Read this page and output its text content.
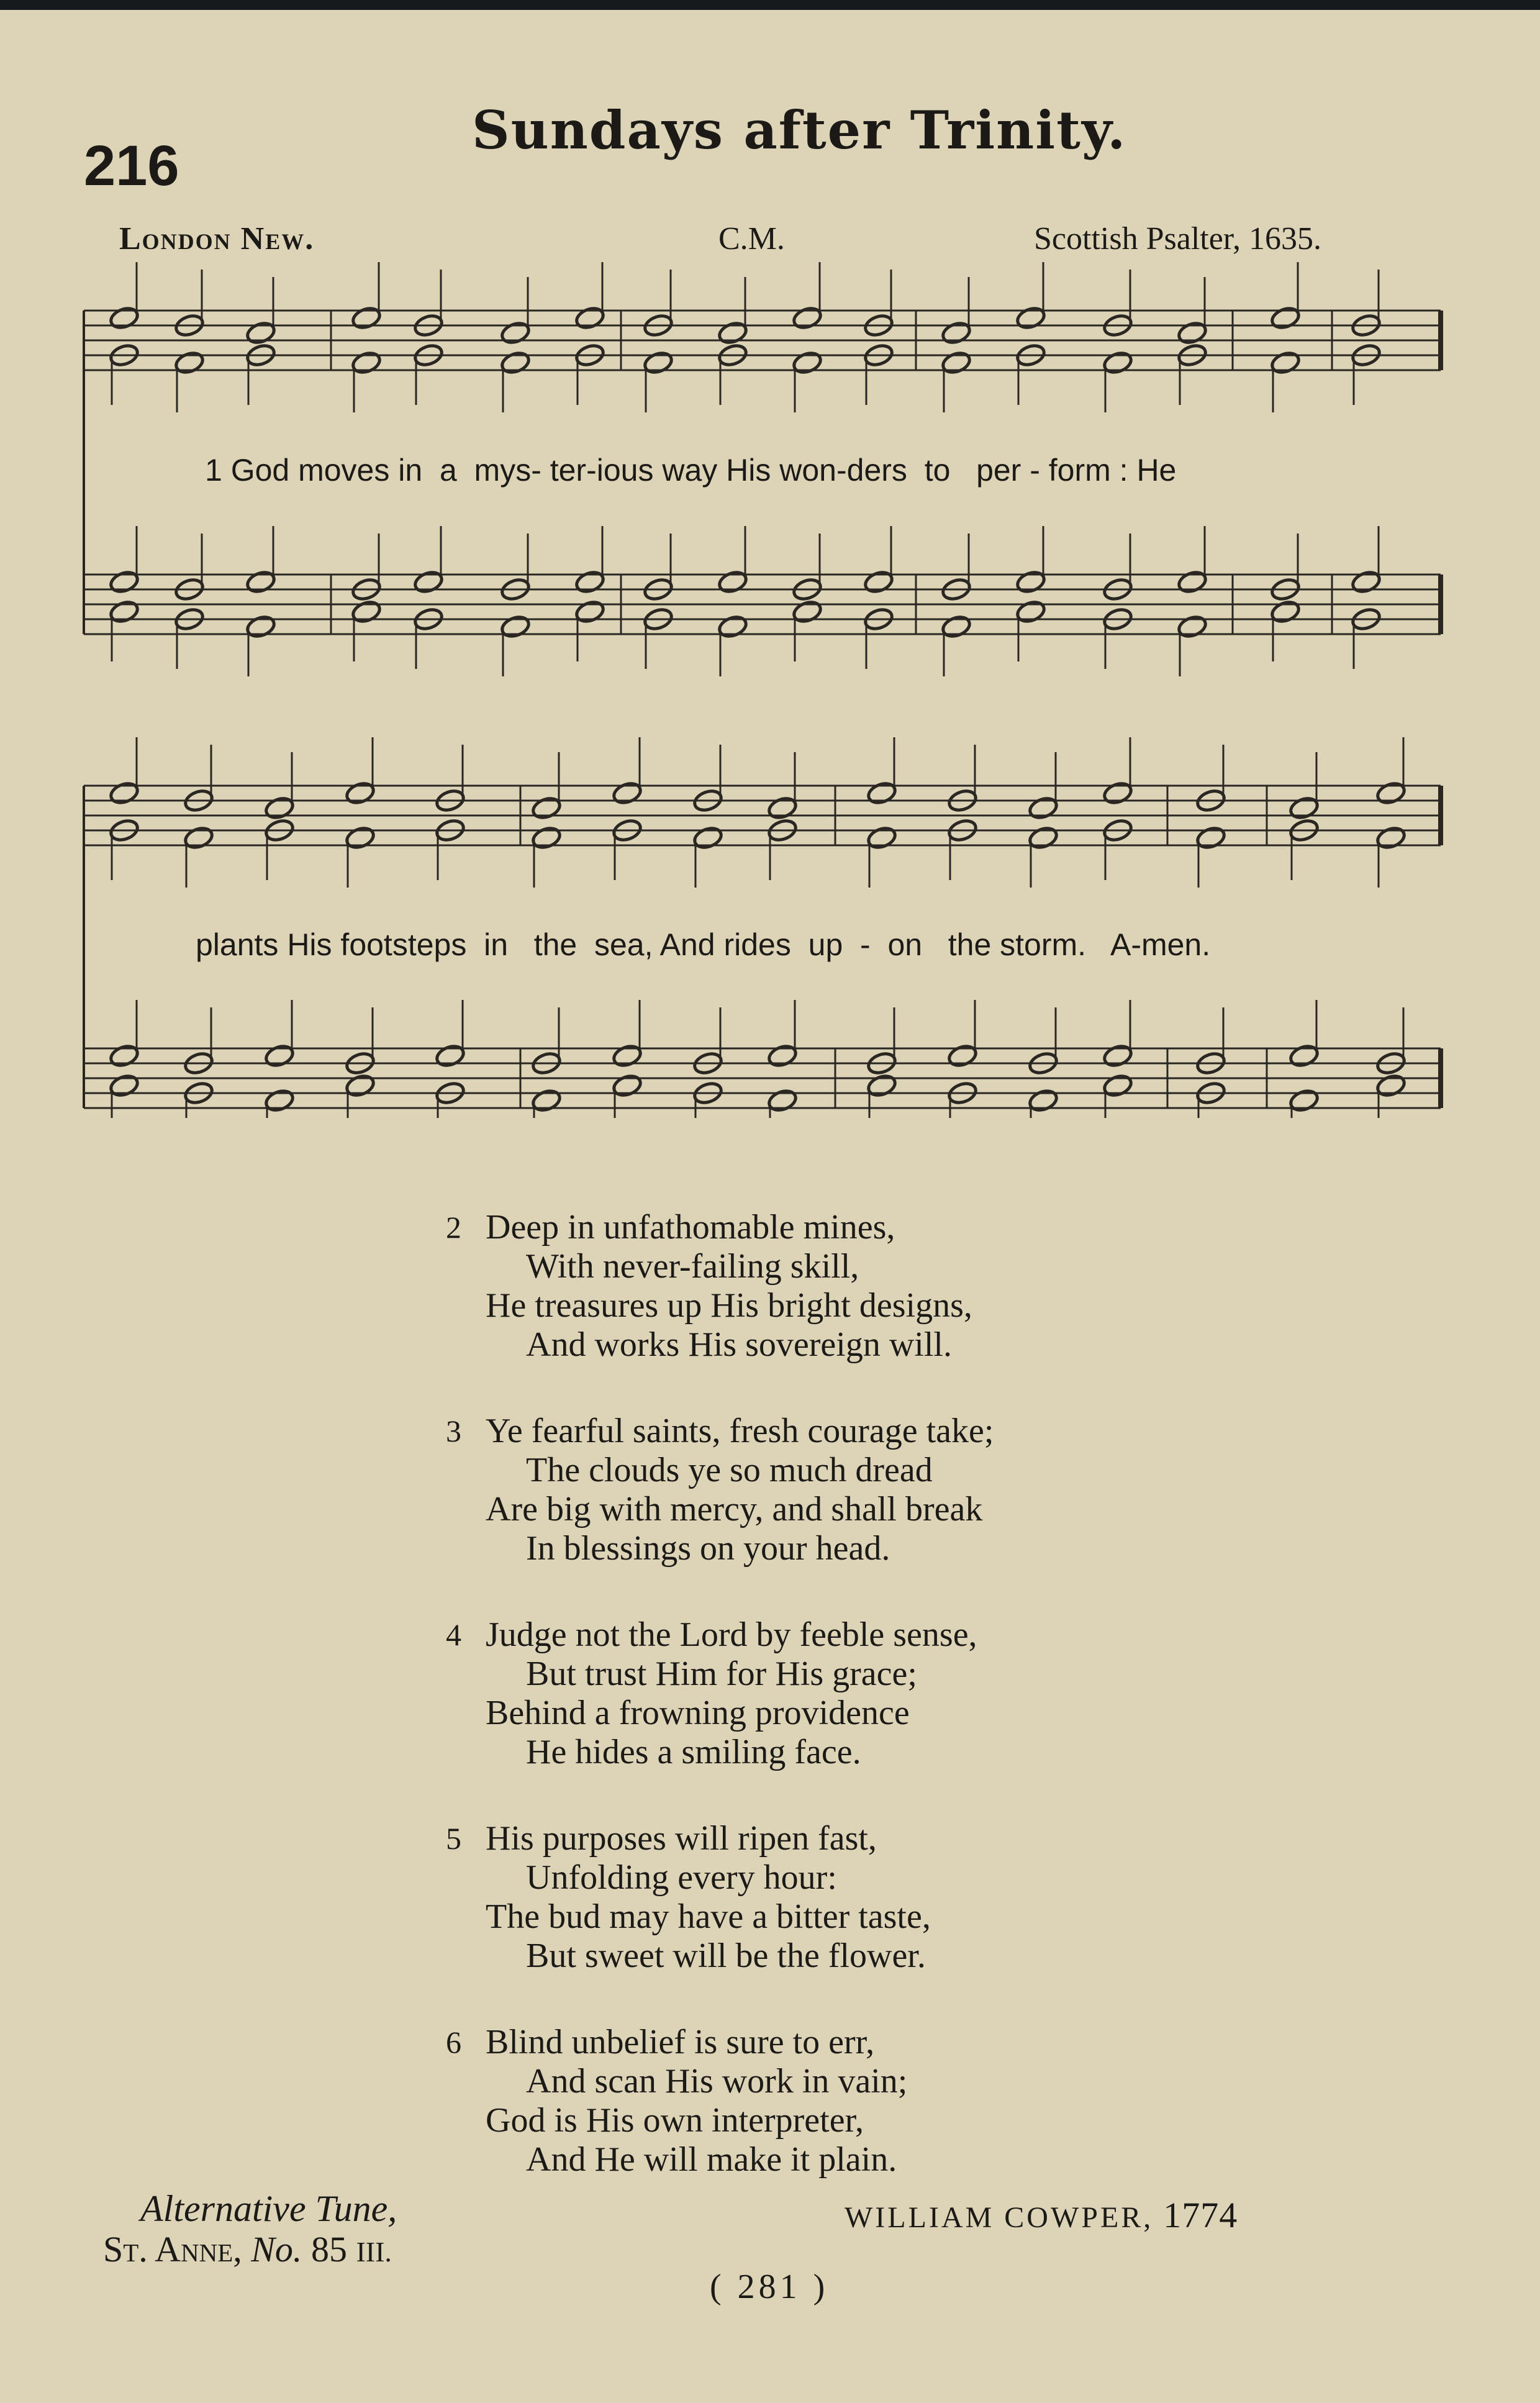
216
Sundays after Trinity.
London New.	C.M.	Scottish Psalter, 1635.
1 God moves in  a  mys- ter-ious way His won-ders  to   per - form : He
plants His footsteps  in   the  sea, And rides  up  -  on   the storm.   A-men.
2 Deep in unfathomable mines,
With never-failing skill,
He treasures up His bright designs,
And works His sovereign will.
3 Ye fearful saints, fresh courage take;
The clouds ye so much dread
Are big with mercy, and shall break
In blessings on your head.
4 Judge not the Lord by feeble sense,
But trust Him for His grace;
Behind a frowning providence
He hides a smiling face.
5 His purposes will ripen fast,
Unfolding every hour:
The bud may have a bitter taste,
But sweet will be the flower.
6 Blind unbelief is sure to err,
And scan His work in vain;
God is His own interpreter,
And He will make it plain.
Alternative Tune,
St. Anne, No. 85 III.
WILLIAM COWPER, 1774
( 281 )
